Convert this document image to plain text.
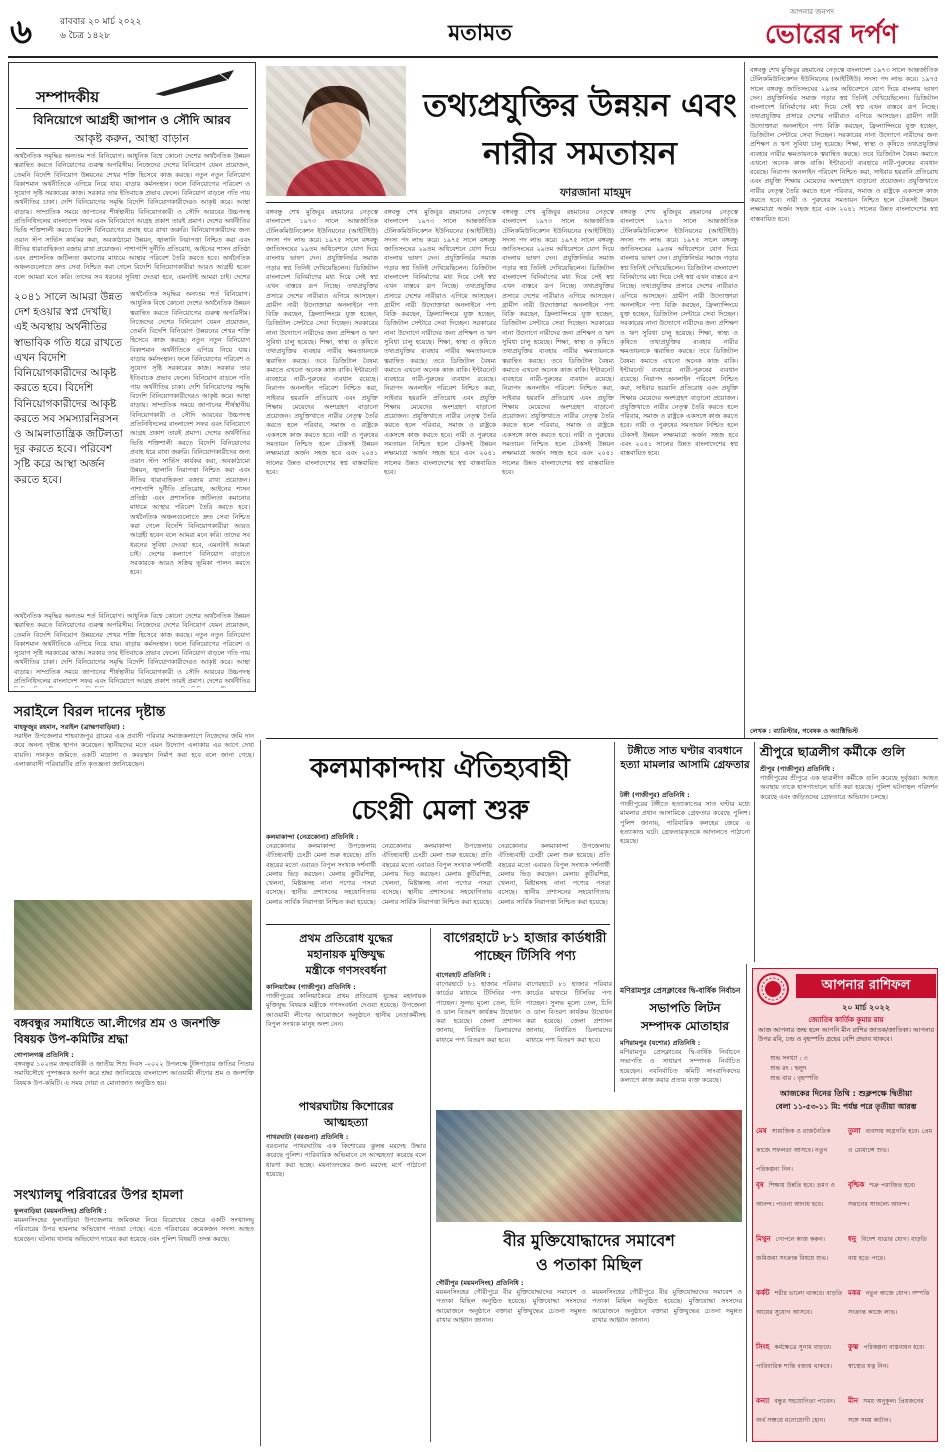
৬	রাববার ২০ মার্চ ২০২২
৬ চৈত্র ১৪২৮	মতামত
আপনার জনপদ
ভোরের দর্পণ
সম্পাদকীয়
বিনিয়োগে আগ্রহী জাপান ও সৌদি আরব
আকৃষ্ট করুন, আস্থা বাড়ান
অর্থনৈতিক সমৃদ্ধির অন্যতম শর্ত বিনিয়োগ। আধুনিক বিশ্বে কোনো দেশের অর্থনৈতিক উন্নয়ন ত্বরান্বিত করতে বিনিয়োগের গুরুত্ব অপরিসীম। নিজেদের দেশের বিনিয়োগ যেমন প্রয়োজন, তেমনি বিদেশি বিনিয়োগ উন্নয়নের শেখর শক্তি হিসেবে কাজ করছে। নতুন নতুন বিনিয়োগ বিকাশমান অর্থনীতিকে এগিয়ে নিয়ে যায়। বাড়ায় কর্মসংস্থান। ফলে বিনিয়োগের পরিবেশ ও সুযোগ সৃষ্টি সরকারের কাজ। সরকার তার ইতিবাচক প্রভাব ফেলে। বিনিয়োগ বাড়লে গতি পায় অর্থনীতির চাকা। দেশি বিনিয়োগের সমৃদ্ধি বিদেশি বিনিয়োগকারীদেরও আকৃষ্ট করে। আস্থা বাড়ায়। সাম্প্রতিক সময়ে জাপানের শীর্ষস্থানীয় বিনিয়োগকারী ও সৌদি আরবের উচ্চপদস্থ প্রতিনিধিদলের বাংলাদেশ সফর এবং বিনিয়োগে আগ্রহ প্রকাশ তারই প্রমাণ। দেশের অর্থনীতির ভিত্তি শক্তিশালী করতে বিদেশি বিনিয়োগের প্রবাহ ধরে রাখা জরুরি। বিনিয়োগকারীদের জন্য ওয়ান স্টপ সার্ভিস কার্যকর করা, অবকাঠামো উন্নয়ন, জ্বালানি নিরাপত্তা নিশ্চিত করা এবং নীতির ধারাবাহিকতা বজায় রাখা প্রয়োজন। পাশাপাশি দুর্নীতি প্রতিরোধ, আইনের শাসন প্রতিষ্ঠা এবং প্রশাসনিক জটিলতা কমানোর মাধ্যমে আস্থার পরিবেশ তৈরি করতে হবে। অর্থনৈতিক অঞ্চলগুলোতে দ্রুত সেবা নিশ্চিত করা গেলে বিদেশি বিনিয়োগকারীরা আরও আগ্রহী হবেন বলে আমরা মনে করি। তাদের সব ধরনের সুবিধা দেওয়া হবে, এমনটাই আমরা চাই। দেশের
২০৪১ সালে আমরা উন্নত দেশ হওয়ার স্বপ্ন দেখছি। এই অবস্থায় অর্থনীতির স্বাভাবিক গতি ধরে রাখতে এখন বিদেশি বিনিয়োগকারীদের আকৃষ্ট করতে হবে। বিদেশি বিনিয়োগকারীদের আকৃষ্ট করতে সব সমস্যারনিরসন ও আমলাতান্ত্রিক জটিলতা দূর করতে হবে। পরিবেশ সৃষ্টি করে আস্থা অর্জন করতে হবে।
অর্থনৈতিক সমৃদ্ধির অন্যতম শর্ত বিনিয়োগ। আধুনিক বিশ্বে কোনো দেশের অর্থনৈতিক উন্নয়ন ত্বরান্বিত করতে বিনিয়োগের গুরুত্ব অপরিসীম। নিজেদের দেশের বিনিয়োগ যেমন প্রয়োজন, তেমনি বিদেশি বিনিয়োগ উন্নয়নের শেখর শক্তি হিসেবে কাজ করছে। নতুন নতুন বিনিয়োগ বিকাশমান অর্থনীতিকে এগিয়ে নিয়ে যায়। বাড়ায় কর্মসংস্থান। ফলে বিনিয়োগের পরিবেশ ও সুযোগ সৃষ্টি সরকারের কাজ। সরকার তার ইতিবাচক প্রভাব ফেলে। বিনিয়োগ বাড়লে গতি পায় অর্থনীতির চাকা। দেশি বিনিয়োগের সমৃদ্ধি বিদেশি বিনিয়োগকারীদেরও আকৃষ্ট করে। আস্থা বাড়ায়। সাম্প্রতিক সময়ে জাপানের শীর্ষস্থানীয় বিনিয়োগকারী ও সৌদি আরবের উচ্চপদস্থ প্রতিনিধিদলের বাংলাদেশ সফর এবং বিনিয়োগে আগ্রহ প্রকাশ তারই প্রমাণ। দেশের অর্থনীতির ভিত্তি শক্তিশালী করতে বিদেশি বিনিয়োগের প্রবাহ ধরে রাখা জরুরি। বিনিয়োগকারীদের জন্য ওয়ান স্টপ সার্ভিস কার্যকর করা, অবকাঠামো উন্নয়ন, জ্বালানি নিরাপত্তা নিশ্চিত করা এবং নীতির ধারাবাহিকতা বজায় রাখা প্রয়োজন। পাশাপাশি দুর্নীতি প্রতিরোধ, আইনের শাসন প্রতিষ্ঠা এবং প্রশাসনিক জটিলতা কমানোর মাধ্যমে আস্থার পরিবেশ তৈরি করতে হবে। অর্থনৈতিক অঞ্চলগুলোতে দ্রুত সেবা নিশ্চিত করা গেলে বিদেশি বিনিয়োগকারীরা আরও আগ্রহী হবেন বলে আমরা মনে করি। তাদের সব ধরনের সুবিধা দেওয়া হবে, এমনটাই আমরা চাই। দেশের কল্যাণে বিনিয়োগ বাড়াতে সরকারকে আরও সক্রিয় ভূমিকা পালন করতে হবে।
অর্থনৈতিক সমৃদ্ধির অন্যতম শর্ত বিনিয়োগ। আধুনিক বিশ্বে কোনো দেশের অর্থনৈতিক উন্নয়ন ত্বরান্বিত করতে বিনিয়োগের গুরুত্ব অপরিসীম। নিজেদের দেশের বিনিয়োগ যেমন প্রয়োজন, তেমনি বিদেশি বিনিয়োগ উন্নয়নের শেখর শক্তি হিসেবে কাজ করছে। নতুন নতুন বিনিয়োগ বিকাশমান অর্থনীতিকে এগিয়ে নিয়ে যায়। বাড়ায় কর্মসংস্থান। ফলে বিনিয়োগের পরিবেশ ও সুযোগ সৃষ্টি সরকারের কাজ। সরকার তার ইতিবাচক প্রভাব ফেলে। বিনিয়োগ বাড়লে গতি পায় অর্থনীতির চাকা। দেশি বিনিয়োগের সমৃদ্ধি বিদেশি বিনিয়োগকারীদেরও আকৃষ্ট করে। আস্থা বাড়ায়। সাম্প্রতিক সময়ে জাপানের শীর্ষস্থানীয় বিনিয়োগকারী ও সৌদি আরবের উচ্চপদস্থ প্রতিনিধিদলের বাংলাদেশ সফর এবং বিনিয়োগে আগ্রহ প্রকাশ তারই প্রমাণ। দেশের অর্থনীতির
তথ্যপ্রযুক্তির উন্নয়ন এবং
নারীর সমতায়ন
ফারজানা মাহমুদ
বঙ্গবন্ধু শেখ মুজিবুর রহমানের নেতৃত্বে বাংলাদেশ ১৯৭৩ সালে আন্তর্জাতিক টেলিকমিউনিকেশন ইউনিয়নের (আইটিইউ) সদস্য পদ লাভ করে। ১৯৭৫ সালে বঙ্গবন্ধু জাতিসংঘের ২৯তম অধিবেশনে যোগ দিয়ে বাংলায় ভাষণ দেন। প্রযুক্তিনির্ভর সমাজ গড়ার স্বপ্ন তিনিই দেখিয়েছিলেন। ডিজিটাল বাংলাদেশ বিনির্মাণের মধ্য দিয়ে সেই স্বপ্ন এখন বাস্তবে রূপ নিচ্ছে। তথ্যপ্রযুক্তির প্রসারে দেশের নারীরাও এগিয়ে আসছেন। গ্রামীণ নারী উদ্যোক্তারা অনলাইনে পণ্য বিক্রি করছেন, ফ্রিল্যান্সিংয়ে যুক্ত হচ্ছেন, ডিজিটাল সেন্টারে সেবা দিচ্ছেন। সরকারের নানা উদ্যোগে নারীদের জন্য প্রশিক্ষণ ও ঋণ সুবিধা চালু হয়েছে। শিক্ষা, স্বাস্থ্য ও কৃষিতে তথ্যপ্রযুক্তির ব্যবহার নারীর ক্ষমতায়নকে ত্বরান্বিত করছে। তবে ডিজিটাল বৈষম্য কমাতে এখনো অনেক কাজ বাকি। ইন্টারনেট ব্যবহারে নারী-পুরুষের ব্যবধান রয়েছে। নিরাপদ অনলাইন পরিবেশ নিশ্চিত করা, সাইবার হয়রানি প্রতিরোধ এবং প্রযুক্তি শিক্ষায় মেয়েদের অংশগ্রহণ বাড়ানো প্রয়োজন। প্রযুক্তিখাতে নারীর নেতৃত্ব তৈরি করতে হলে পরিবার, সমাজ ও রাষ্ট্রকে একসঙ্গে কাজ করতে হবে। নারী ও পুরুষের সমতায়ন নিশ্চিত হলে টেকসই উন্নয়ন লক্ষ্যমাত্রা অর্জন সহজ হবে এবং ২০৪১ সালের উন্নত বাংলাদেশের স্বপ্ন বাস্তবায়িত হবে।
বঙ্গবন্ধু শেখ মুজিবুর রহমানের নেতৃত্বে বাংলাদেশ ১৯৭৩ সালে আন্তর্জাতিক টেলিকমিউনিকেশন ইউনিয়নের (আইটিইউ) সদস্য পদ লাভ করে। ১৯৭৫ সালে বঙ্গবন্ধু জাতিসংঘের ২৯তম অধিবেশনে যোগ দিয়ে বাংলায় ভাষণ দেন। প্রযুক্তিনির্ভর সমাজ গড়ার স্বপ্ন তিনিই দেখিয়েছিলেন। ডিজিটাল বাংলাদেশ বিনির্মাণের মধ্য দিয়ে সেই স্বপ্ন এখন বাস্তবে রূপ নিচ্ছে। তথ্যপ্রযুক্তির প্রসারে দেশের নারীরাও এগিয়ে আসছেন। গ্রামীণ নারী উদ্যোক্তারা অনলাইনে পণ্য বিক্রি করছেন, ফ্রিল্যান্সিংয়ে যুক্ত হচ্ছেন, ডিজিটাল সেন্টারে সেবা দিচ্ছেন। সরকারের নানা উদ্যোগে নারীদের জন্য প্রশিক্ষণ ও ঋণ সুবিধা চালু হয়েছে। শিক্ষা, স্বাস্থ্য ও কৃষিতে তথ্যপ্রযুক্তির ব্যবহার নারীর ক্ষমতায়নকে ত্বরান্বিত করছে। তবে ডিজিটাল বৈষম্য কমাতে এখনো অনেক কাজ বাকি। ইন্টারনেট ব্যবহারে নারী-পুরুষের ব্যবধান রয়েছে। নিরাপদ অনলাইন পরিবেশ নিশ্চিত করা, সাইবার হয়রানি প্রতিরোধ এবং প্রযুক্তি শিক্ষায় মেয়েদের অংশগ্রহণ বাড়ানো প্রয়োজন। প্রযুক্তিখাতে নারীর নেতৃত্ব তৈরি করতে হলে পরিবার, সমাজ ও রাষ্ট্রকে একসঙ্গে কাজ করতে হবে। নারী ও পুরুষের সমতায়ন নিশ্চিত হলে টেকসই উন্নয়ন লক্ষ্যমাত্রা অর্জন সহজ হবে এবং ২০৪১ সালের উন্নত বাংলাদেশের স্বপ্ন বাস্তবায়িত হবে।
বঙ্গবন্ধু শেখ মুজিবুর রহমানের নেতৃত্বে বাংলাদেশ ১৯৭৩ সালে আন্তর্জাতিক টেলিকমিউনিকেশন ইউনিয়নের (আইটিইউ) সদস্য পদ লাভ করে। ১৯৭৫ সালে বঙ্গবন্ধু জাতিসংঘের ২৯তম অধিবেশনে যোগ দিয়ে বাংলায় ভাষণ দেন। প্রযুক্তিনির্ভর সমাজ গড়ার স্বপ্ন তিনিই দেখিয়েছিলেন। ডিজিটাল বাংলাদেশ বিনির্মাণের মধ্য দিয়ে সেই স্বপ্ন এখন বাস্তবে রূপ নিচ্ছে। তথ্যপ্রযুক্তির প্রসারে দেশের নারীরাও এগিয়ে আসছেন। গ্রামীণ নারী উদ্যোক্তারা অনলাইনে পণ্য বিক্রি করছেন, ফ্রিল্যান্সিংয়ে যুক্ত হচ্ছেন, ডিজিটাল সেন্টারে সেবা দিচ্ছেন। সরকারের নানা উদ্যোগে নারীদের জন্য প্রশিক্ষণ ও ঋণ সুবিধা চালু হয়েছে। শিক্ষা, স্বাস্থ্য ও কৃষিতে তথ্যপ্রযুক্তির ব্যবহার নারীর ক্ষমতায়নকে ত্বরান্বিত করছে। তবে ডিজিটাল বৈষম্য কমাতে এখনো অনেক কাজ বাকি। ইন্টারনেট ব্যবহারে নারী-পুরুষের ব্যবধান রয়েছে। নিরাপদ অনলাইন পরিবেশ নিশ্চিত করা, সাইবার হয়রানি প্রতিরোধ এবং প্রযুক্তি শিক্ষায় মেয়েদের অংশগ্রহণ বাড়ানো প্রয়োজন। প্রযুক্তিখাতে নারীর নেতৃত্ব তৈরি করতে হলে পরিবার, সমাজ ও রাষ্ট্রকে একসঙ্গে কাজ করতে হবে। নারী ও পুরুষের সমতায়ন নিশ্চিত হলে টেকসই উন্নয়ন লক্ষ্যমাত্রা অর্জন সহজ হবে এবং ২০৪১ সালের উন্নত বাংলাদেশের স্বপ্ন বাস্তবায়িত হবে।
বঙ্গবন্ধু শেখ মুজিবুর রহমানের নেতৃত্বে বাংলাদেশ ১৯৭৩ সালে আন্তর্জাতিক টেলিকমিউনিকেশন ইউনিয়নের (আইটিইউ) সদস্য পদ লাভ করে। ১৯৭৫ সালে বঙ্গবন্ধু জাতিসংঘের ২৯তম অধিবেশনে যোগ দিয়ে বাংলায় ভাষণ দেন। প্রযুক্তিনির্ভর সমাজ গড়ার স্বপ্ন তিনিই দেখিয়েছিলেন। ডিজিটাল বাংলাদেশ বিনির্মাণের মধ্য দিয়ে সেই স্বপ্ন এখন বাস্তবে রূপ নিচ্ছে। তথ্যপ্রযুক্তির প্রসারে দেশের নারীরাও এগিয়ে আসছেন। গ্রামীণ নারী উদ্যোক্তারা অনলাইনে পণ্য বিক্রি করছেন, ফ্রিল্যান্সিংয়ে যুক্ত হচ্ছেন, ডিজিটাল সেন্টারে সেবা দিচ্ছেন। সরকারের নানা উদ্যোগে নারীদের জন্য প্রশিক্ষণ ও ঋণ সুবিধা চালু হয়েছে। শিক্ষা, স্বাস্থ্য ও কৃষিতে তথ্যপ্রযুক্তির ব্যবহার নারীর ক্ষমতায়নকে ত্বরান্বিত করছে। তবে ডিজিটাল বৈষম্য কমাতে এখনো অনেক কাজ বাকি। ইন্টারনেট ব্যবহারে নারী-পুরুষের ব্যবধান রয়েছে। নিরাপদ অনলাইন পরিবেশ নিশ্চিত করা, সাইবার হয়রানি প্রতিরোধ এবং প্রযুক্তি শিক্ষায় মেয়েদের অংশগ্রহণ বাড়ানো প্রয়োজন। প্রযুক্তিখাতে নারীর নেতৃত্ব তৈরি করতে হলে পরিবার, সমাজ ও রাষ্ট্রকে একসঙ্গে কাজ করতে হবে। নারী ও পুরুষের সমতায়ন নিশ্চিত হলে টেকসই উন্নয়ন লক্ষ্যমাত্রা অর্জন সহজ হবে এবং ২০৪১ সালের উন্নত বাংলাদেশের স্বপ্ন বাস্তবায়িত হবে।
বঙ্গবন্ধু শেখ মুজিবুর রহমানের নেতৃত্বে বাংলাদেশ ১৯৭৩ সালে আন্তর্জাতিক টেলিকমিউনিকেশন ইউনিয়নের (আইটিইউ) সদস্য পদ লাভ করে। ১৯৭৫ সালে বঙ্গবন্ধু জাতিসংঘের ২৯তম অধিবেশনে যোগ দিয়ে বাংলায় ভাষণ দেন। প্রযুক্তিনির্ভর সমাজ গড়ার স্বপ্ন তিনিই দেখিয়েছিলেন। ডিজিটাল বাংলাদেশ বিনির্মাণের মধ্য দিয়ে সেই স্বপ্ন এখন বাস্তবে রূপ নিচ্ছে। তথ্যপ্রযুক্তির প্রসারে দেশের নারীরাও এগিয়ে আসছেন। গ্রামীণ নারী উদ্যোক্তারা অনলাইনে পণ্য বিক্রি করছেন, ফ্রিল্যান্সিংয়ে যুক্ত হচ্ছেন, ডিজিটাল সেন্টারে সেবা দিচ্ছেন। সরকারের নানা উদ্যোগে নারীদের জন্য প্রশিক্ষণ ও ঋণ সুবিধা চালু হয়েছে। শিক্ষা, স্বাস্থ্য ও কৃষিতে তথ্যপ্রযুক্তির ব্যবহার নারীর ক্ষমতায়নকে ত্বরান্বিত করছে। তবে ডিজিটাল বৈষম্য কমাতে এখনো অনেক কাজ বাকি। ইন্টারনেট ব্যবহারে নারী-পুরুষের ব্যবধান রয়েছে। নিরাপদ অনলাইন পরিবেশ নিশ্চিত করা, সাইবার হয়রানি প্রতিরোধ এবং প্রযুক্তি শিক্ষায় মেয়েদের অংশগ্রহণ বাড়ানো প্রয়োজন। প্রযুক্তিখাতে নারীর নেতৃত্ব তৈরি করতে হলে পরিবার, সমাজ ও রাষ্ট্রকে একসঙ্গে কাজ করতে হবে। নারী ও পুরুষের সমতায়ন নিশ্চিত হলে টেকসই উন্নয়ন লক্ষ্যমাত্রা অর্জন সহজ হবে এবং ২০৪১ সালের উন্নত বাংলাদেশের স্বপ্ন বাস্তবায়িত হবে।
লেখক : ব্যারিস্টার, গবেষক ও অ্যাক্টিভিস্ট
সরাইলে বিরল দানের দৃষ্টান্ত
মাহফুজুর রহমান, সরাইল (ব্রাহ্মণবাড়িয়া) :
সরাইল উপজেলার শাহবাজপুর গ্রামের এক প্রবাসী পরিবার সমাজকল্যাণে নিজেদের জমি দান করে অনন্য দৃষ্টান্ত স্থাপন করেছেন। স্থানীয়দের মতে এমন উদ্যোগ এলাকায় এর আগে দেখা যায়নি। দানকৃত জমিতে একটি মাদ্রাসা ও কবরস্থান নির্মাণ করা হবে বলে জানা গেছে। এলাকাবাসী পরিবারটির প্রতি কৃতজ্ঞতা জানিয়েছেন।
বঙ্গবন্ধুর সমাধিতে আ.লীগের শ্রম ও জনশক্তি বিষয়ক উপ-কমিটির শ্রদ্ধা
গোপালগঞ্জ প্রতিনিধি :
বঙ্গবন্ধুর ১০২তম জন্মবার্ষিকী ও জাতীয় শিশু দিবস -২০২২ উপলক্ষে টুঙ্গিপাড়ায় জাতির পিতার সমাধিসৌধে পুষ্পস্তবক অর্পণ করে শ্রদ্ধা জানিয়েছে বাংলাদেশ আওয়ামী লীগের শ্রম ও জনশক্তি বিষয়ক উপ-কমিটি। এ সময় দোয়া ও মোনাজাত অনুষ্ঠিত হয়।
সংখ্যালঘু পরিবারের উপর হামলা
ফুলবাড়িয়া (ময়মনসিংহ) প্রতিনিধি :
ময়মনসিংহের ফুলবাড়িয়া উপজেলায় জমিজমা নিয়ে বিরোধের জেরে একটি সংখ্যালঘু পরিবারের উপর হামলার অভিযোগ পাওয়া গেছে। এতে পরিবারের কয়েকজন সদস্য আহত হয়েছেন। ঘটনায় থানায় অভিযোগ দায়ের করা হয়েছে এবং পুলিশ বিষয়টি তদন্ত করছে।
কলমাকান্দায় ঐতিহ্যবাহী
চেংগ্নী মেলা শুরু
কলমাকান্দা (নেত্রকোনা) প্রতিনিধি :
নেত্রকোনার কলমাকান্দা উপজেলায় ঐতিহ্যবাহী চেংগ্নী মেলা শুরু হয়েছে। প্রতি বছরের মতো এবারও বিপুল সংখ্যক দর্শনার্থী মেলায় ভিড় করছেন। মেলায় কুটিরশিল্প, খেলনা, মিষ্টান্নসহ নানা পণ্যের পসরা বসেছে। স্থানীয় প্রশাসনের সহযোগিতায় মেলার সার্বিক নিরাপত্তা নিশ্চিত করা হয়েছে।
নেত্রকোনার কলমাকান্দা উপজেলায় ঐতিহ্যবাহী চেংগ্নী মেলা শুরু হয়েছে। প্রতি বছরের মতো এবারও বিপুল সংখ্যক দর্শনার্থী মেলায় ভিড় করছেন। মেলায় কুটিরশিল্প, খেলনা, মিষ্টান্নসহ নানা পণ্যের পসরা বসেছে। স্থানীয় প্রশাসনের সহযোগিতায় মেলার সার্বিক নিরাপত্তা নিশ্চিত করা হয়েছে।
নেত্রকোনার কলমাকান্দা উপজেলায় ঐতিহ্যবাহী চেংগ্নী মেলা শুরু হয়েছে। প্রতি বছরের মতো এবারও বিপুল সংখ্যক দর্শনার্থী মেলায় ভিড় করছেন। মেলায় কুটিরশিল্প, খেলনা, মিষ্টান্নসহ নানা পণ্যের পসরা বসেছে। স্থানীয় প্রশাসনের সহযোগিতায় মেলার সার্বিক নিরাপত্তা নিশ্চিত করা হয়েছে।
টঙ্গীতে সাত ঘণ্টার ব্যবধানে হত্যা মামলার আসামি গ্রেফতার
টঙ্গী (গাজীপুর) প্রতিনিধি :
গাজীপুরের টঙ্গীতে হত্যাকাণ্ডের সাত ঘণ্টার মধ্যে মামলার প্রধান আসামিকে গ্রেফতার করেছে পুলিশ। পুলিশ জানায়, পারিবারিক কলহের জেরে এ হত্যাকাণ্ড ঘটে। গ্রেফতারকৃতকে আদালতে পাঠানো হয়েছে।
শ্রীপুরে ছাত্রলীগ কর্মীকে গুলি
শ্রীপুর (গাজীপুর) প্রতিনিধি :
গাজীপুরের শ্রীপুরে এক ছাত্রলীগ কর্মীকে গুলি করেছে দুর্বৃত্তরা। আহত অবস্থায় তাকে হাসপাতালে ভর্তি করা হয়েছে। পুলিশ ঘটনাস্থল পরিদর্শন করেছে এবং জড়িতদের গ্রেফতারে অভিযান চলছে।
প্রথম প্রতিরোধ যুদ্ধের
মহানায়ক মুক্তিযুদ্ধ
মন্ত্রীকে গণসংবর্ধনা
কালিয়াকৈর (গাজীপুর) প্রতিনিধি :
গাজীপুরের কালিয়াকৈরে প্রথম প্রতিরোধ যুদ্ধের মহানায়ক মুক্তিযুদ্ধ বিষয়ক মন্ত্রীকে গণসংবর্ধনা দেওয়া হয়েছে। উপজেলা আওয়ামী লীগের আয়োজনে অনুষ্ঠানে স্থানীয় নেতাকর্মীসহ বিপুল সংখ্যক মানুষ অংশ নেন।
পাথরঘাটায় কিশোরের
আত্মহত্যা
পাথরঘাটা (বরগুনা) প্রতিনিধি :
বরগুনার পাথরঘাটায় এক কিশোরের ঝুলন্ত মরদেহ উদ্ধার করেছে পুলিশ। পারিবারিক অভিমানে সে আত্মহত্যা করেছে বলে ধারণা করা হচ্ছে। ময়নাতদন্তের জন্য মরদেহ মর্গে পাঠানো হয়েছে।
বাগেরহাটে ৮১ হাজার কার্ডধারী পাচ্ছেন টিসিবি পণ্য
বাগেরহাট প্রতিনিধি :
বাগেরহাটে ৮১ হাজার পরিবার কার্ডের মাধ্যমে টিসিবির পণ্য পাচ্ছেন। সুলভ মূল্যে তেল, চিনি ও ডাল বিতরণ কার্যক্রম উদ্বোধন করা হয়েছে। জেলা প্রশাসন জানায়, নির্ধারিত ডিলারদের মাধ্যমে পণ্য বিতরণ করা হবে।
বাগেরহাটে ৮১ হাজার পরিবার কার্ডের মাধ্যমে টিসিবির পণ্য পাচ্ছেন। সুলভ মূল্যে তেল, চিনি ও ডাল বিতরণ কার্যক্রম উদ্বোধন করা হয়েছে। জেলা প্রশাসন জানায়, নির্ধারিত ডিলারদের মাধ্যমে পণ্য বিতরণ করা হবে।
বীর মুক্তিযোদ্ধাদের সমাবেশ
ও পতাকা মিছিল
গৌরীপুর (ময়মনসিংহ) প্রতিনিধি :
ময়মনসিংহের গৌরীপুরে বীর মুক্তিযোদ্ধাদের সমাবেশ ও পতাকা মিছিল অনুষ্ঠিত হয়েছে। মুক্তিযোদ্ধা সংসদের আয়োজনে অনুষ্ঠানে বক্তারা মুক্তিযুদ্ধের চেতনা সমুন্নত রাখার আহ্বান জানান।
ময়মনসিংহের গৌরীপুরে বীর মুক্তিযোদ্ধাদের সমাবেশ ও পতাকা মিছিল অনুষ্ঠিত হয়েছে। মুক্তিযোদ্ধা সংসদের আয়োজনে অনুষ্ঠানে বক্তারা মুক্তিযুদ্ধের চেতনা সমুন্নত রাখার আহ্বান জানান।
মণিরামপুর প্রেসক্লাবের দ্বি-বার্ষিক নির্বাচন
সভাপতি লিটন
সম্পাদক মোতাহার
মণিরামপুর (যশোর) প্রতিনিধি :
মণিরামপুর প্রেসক্লাবের দ্বি-বার্ষিক নির্বাচনে সভাপতি ও সাধারণ সম্পাদক নির্বাচিত হয়েছেন। নবনির্বাচিত কমিটি সাংবাদিকদের কল্যাণে কাজ করার প্রত্যয় ব্যক্ত করেছে।
আপনার রাশিফল
২০ মার্চ ২০২২
জ্যোতিষ কার্তিক কুমার রায়
আজ আপনার জন্ম হলে আপনি মীন রাশির জাতক/জাতিকা। আপনার উপর রবি, চন্দ্র ও বৃহস্পতি গ্রহের বেশি প্রভাব থাকবে।
শুভ সংখ্যা : ৩
শুভ রং : হলুদ
শুভ বার : বৃহস্পতি
আজকের দিনের তিথি : শুক্লপক্ষে দ্বিতীয়া
বেলা ১১-৫৩-১১ মি: পর্যন্ত পরে তৃতীয়া আরম্ভ
মেষ সামাজিক ও রাজনৈতিক কাজে সফলতা আসবে। নতুন পরিকল্পনা নিন।
তুলা ব্যবসায় অগ্রগতি হবে। প্রেম ও রোমান্সে শুভ।
বৃষ শিক্ষায় উন্নতি হবে। ভ্রমণ ও আনন্দ। পাওনা আদায় হবে।
বৃশ্চিক শত্রু পরাজিত হবে। সন্তানের সাফল্যে আনন্দ।
মিথুন গোপনে কাজ করুন। জমিজমা সংক্রান্ত বিষয়ে শুভ।
ধনু বিদেশ যাত্রার যোগ। বাড়তি ব্যয় হতে পারে।
কর্কট শরীর ভালো থাকবে। বাড়তি আয়ের সুযোগ আসবে।
মকর নতুন কাজে যোগ। সম্পত্তি সংক্রান্ত কাজে লাভ।
সিংহ কর্মক্ষেত্রে সুনাম বাড়বে। পারিবারিক শান্তি বজায় থাকবে।
কুম্ভ পরিকল্পনা বাস্তবায়ন হবে। স্বাস্থ্যের যত্ন নিন।
কন্যা বন্ধুর সহযোগিতা পাবেন। অর্থ সঞ্চয়ে মনোযোগী হোন।
মীন সময় অনুকূল। প্রিয়জনের সঙ্গে সময় কাটান।
